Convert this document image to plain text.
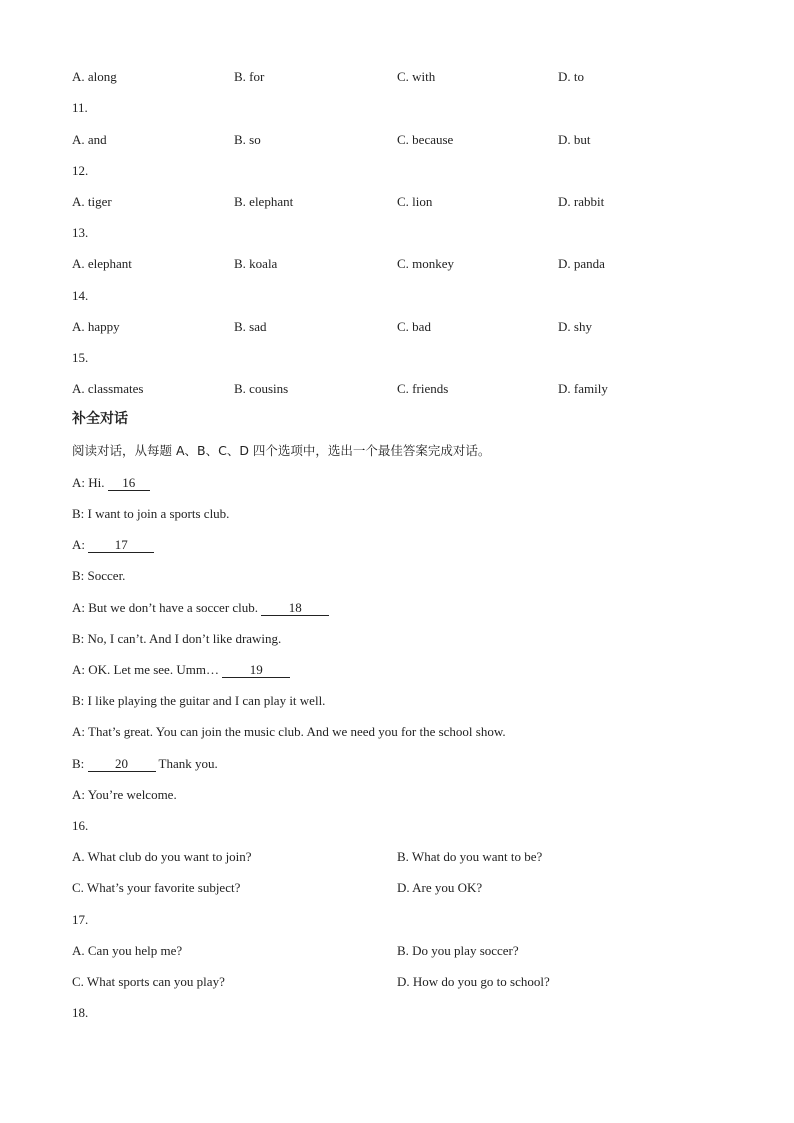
A. along	B. for	C. with	D. to
11.
A. and	B. so	C. because	D. but
12.
A. tiger	B. elephant	C. lion	D. rabbit
13.
A. elephant	B. koala	C. monkey	D. panda
14.
A. happy	B. sad	C. bad	D. shy
15.
A. classmates	B. cousins	C. friends	D. family
补全对话
阅读对话，从每题 A、B、C、D 四个选项中，选出一个最佳答案完成对话。
A: Hi. 16
B: I want to join a sports club.
A: 17
B: Soccer.
A: But we don’t have a soccer club. 18
B: No, I can’t. And I don’t like drawing.
A: OK. Let me see. Umm… 19
B: I like playing the guitar and I can play it well.
A: That’s great. You can join the music club. And we need you for the school show.
B: 20 Thank you.
A: You’re welcome.
16.
A. What club do you want to join?	B. What do you want to be?
C. What’s your favorite subject?	D. Are you OK?
17.
A. Can you help me?	B. Do you play soccer?
C. What sports can you play?	D. How do you go to school?
18.
